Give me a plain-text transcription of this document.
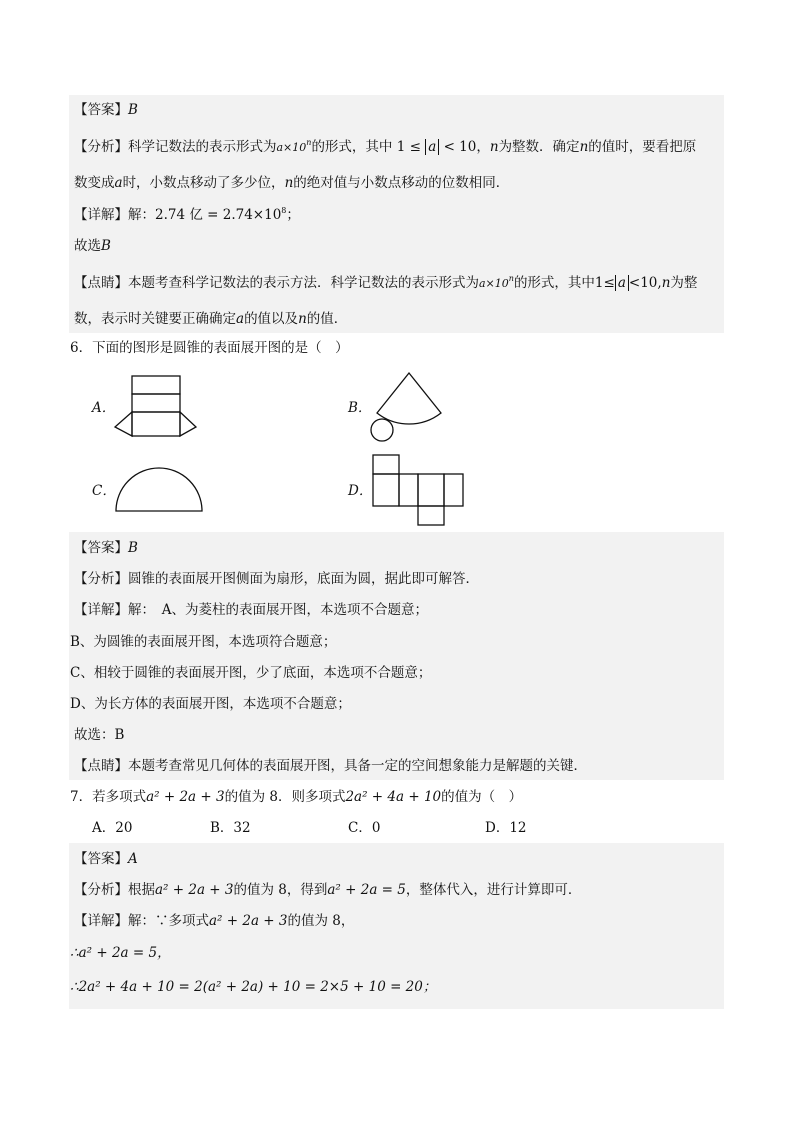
【答案】B
【分析】科学记数法的表示形式为$a\times 10^n$的形式，其中 1 ≤ a < 10，n为整数．确定n的值时，要看把原
数变成a时，小数点移动了多少位，n的绝对值与小数点移动的位数相同．
【详解】解：2.74 亿 = $2.74\times 10^8$；
故选B
【点睛】本题考查科学记数法的表示方法．科学记数法的表示形式为$a\times 10^n$的形式，其中1≤ a <10,n为整
数，表示时关键要正确确定a的值以及n的值．
6．下面的图形是圆锥的表面展开图的是（　）
A．	B．
C．	D．
【答案】B
【分析】圆锥的表面展开图侧面为扇形，底面为圆，据此即可解答．
【详解】解：　A、为菱柱的表面展开图，本选项不合题意；
B、为圆锥的表面展开图，本选项符合题意；
C、相较于圆锥的表面展开图，少了底面，本选项不合题意；
D、为长方体的表面展开图，本选项不合题意；
故选：B
【点睛】本题考查常见几何体的表面展开图，具备一定的空间想象能力是解题的关键．
7．若多项式a² + 2a + 3的值为 8．则多项式2a² + 4a + 10的值为（　）
A．20	B．32	C．0	D．12
【答案】A
【分析】根据a² + 2a + 3的值为 8，得到a² + 2a = 5，整体代入，进行计算即可．
【详解】解：∵多项式a² + 2a + 3的值为 8，
∴a² + 2a = 5，
∴2a² + 4a + 10 = 2(a² + 2a) + 10 = 2×5 + 10 = 20；
